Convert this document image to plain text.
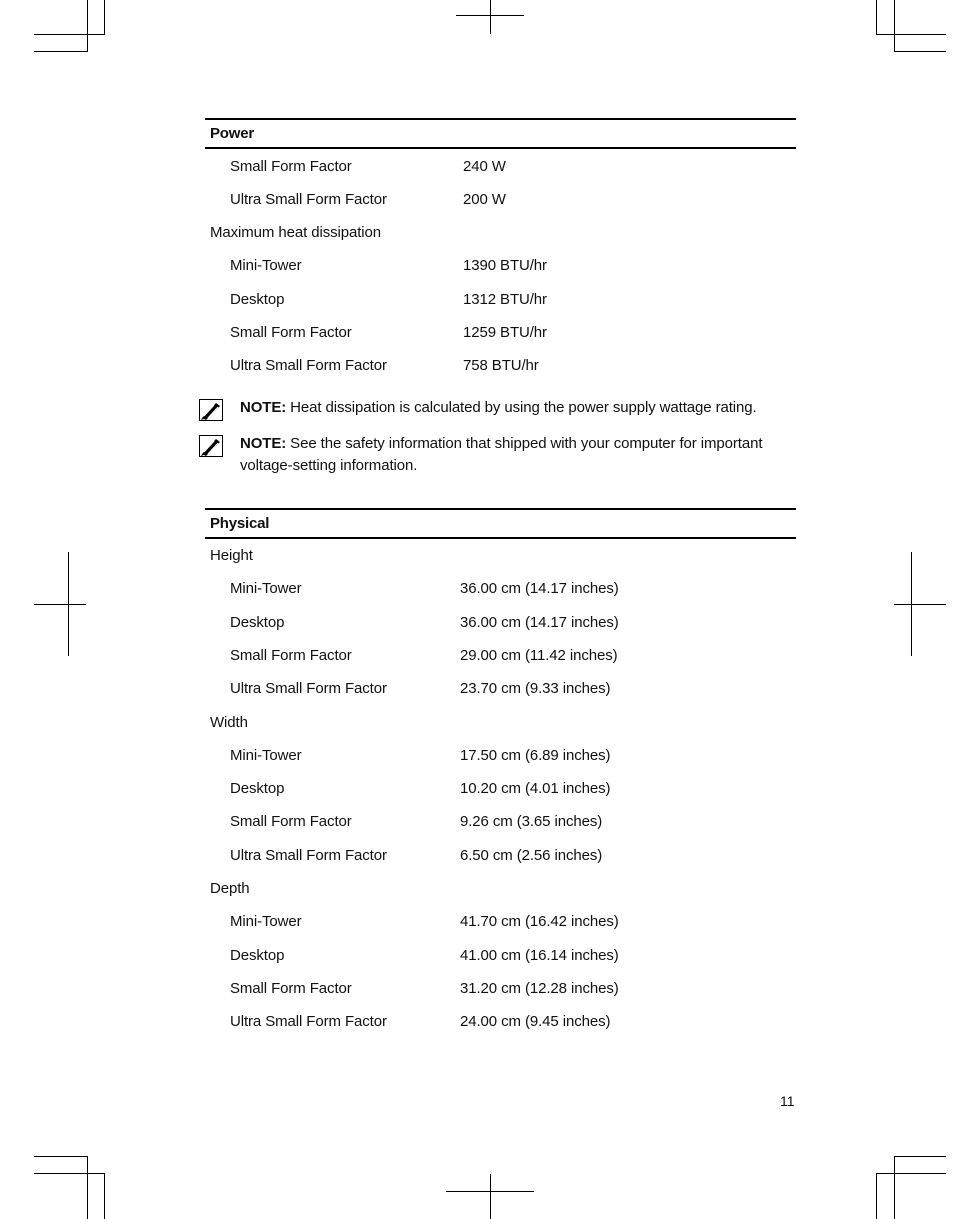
Power
Small Form Factor	240 W
Ultra Small Form Factor	200 W
Maximum heat dissipation
Mini-Tower	1390 BTU/hr
Desktop	1312 BTU/hr
Small Form Factor	1259 BTU/hr
Ultra Small Form Factor	758 BTU/hr
NOTE: Heat dissipation is calculated by using the power supply wattage rating.
NOTE: See the safety information that shipped with your computer for important voltage-setting information.
Physical
Height
Mini-Tower	36.00 cm (14.17 inches)
Desktop	36.00 cm (14.17 inches)
Small Form Factor	29.00 cm (11.42 inches)
Ultra Small Form Factor	23.70 cm (9.33 inches)
Width
Mini-Tower	17.50 cm (6.89 inches)
Desktop	10.20 cm (4.01 inches)
Small Form Factor	9.26 cm (3.65 inches)
Ultra Small Form Factor	6.50 cm (2.56 inches)
Depth
Mini-Tower	41.70 cm (16.42 inches)
Desktop	41.00 cm (16.14 inches)
Small Form Factor	31.20 cm (12.28 inches)
Ultra Small Form Factor	24.00 cm (9.45 inches)
11
